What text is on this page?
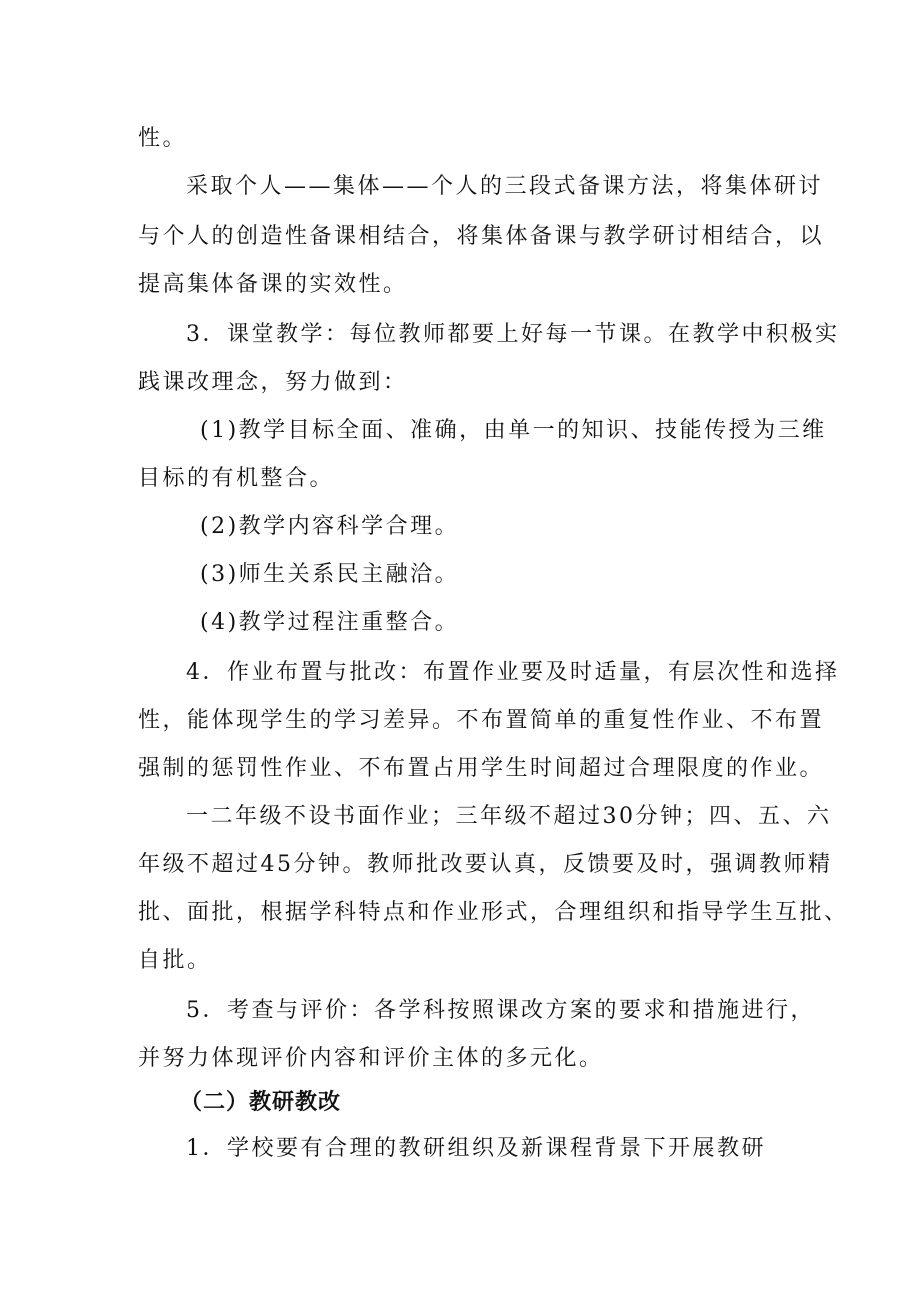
性。
采取个人——集体——个人的三段式备课方法，将集体研讨
与个人的创造性备课相结合，将集体备课与教学研讨相结合，以
提高集体备课的实效性。
3．课堂教学：每位教师都要上好每一节课。在教学中积极实
践课改理念，努力做到：
(1)教学目标全面、准确，由单一的知识、技能传授为三维
目标的有机整合。
(2)教学内容科学合理。
(3)师生关系民主融洽。
(4)教学过程注重整合。
4．作业布置与批改：布置作业要及时适量，有层次性和选择
性，能体现学生的学习差异。不布置简单的重复性作业、不布置
强制的惩罚性作业、不布置占用学生时间超过合理限度的作业。
一二年级不设书面作业；三年级不超过30分钟；四、五、六
年级不超过45分钟。教师批改要认真，反馈要及时，强调教师精
批、面批，根据学科特点和作业形式，合理组织和指导学生互批、
自批。
5．考查与评价：各学科按照课改方案的要求和措施进行，
并努力体现评价内容和评价主体的多元化。
（二）教研教改
1．学校要有合理的教研组织及新课程背景下开展教研
